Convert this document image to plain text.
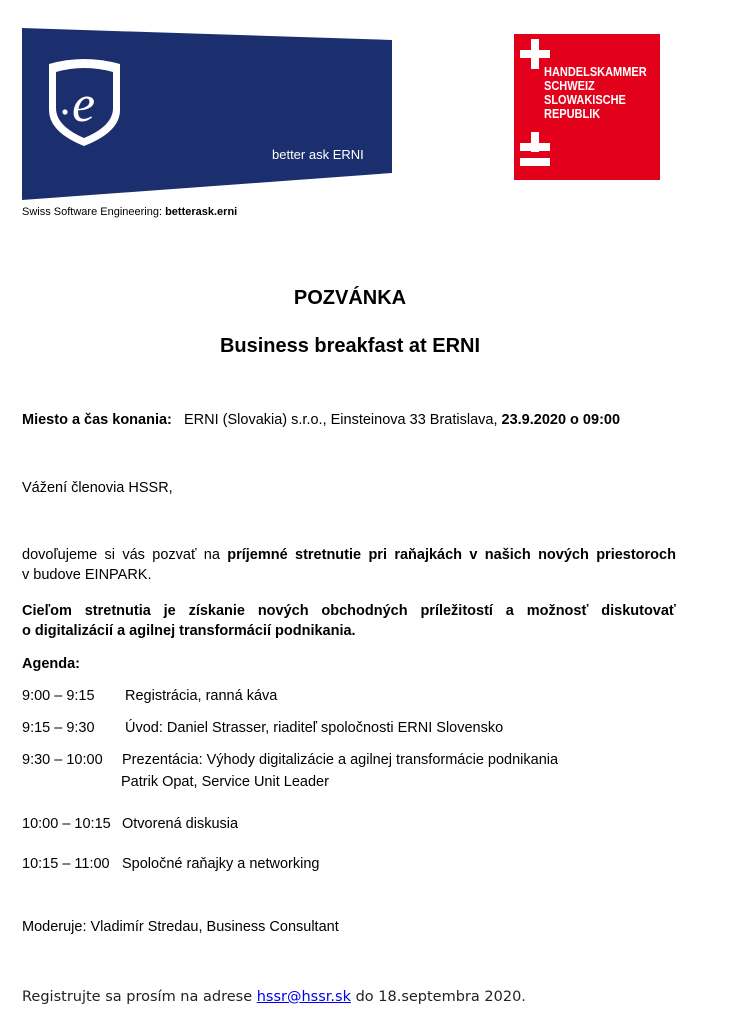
e
better ask ERNI
Swiss Software Engineering: betterask.erni
HANDELSKAMMER
SCHWEIZ
SLOWAKISCHE
REPUBLIK
POZVÁNKA
Business breakfast at ERNI
Miesto a čas konania: ERNI (Slovakia) s.r.o., Einsteinova 33 Bratislava, 23.9.2020 o 09:00
Vážení členovia HSSR,
dovoľujeme si vás pozvať na príjemné stretnutie pri raňajkách v našich nových priestoroch
v budove EINPARK.
Cieľom stretnutia je získanie nových obchodných príležitostí a možnosť diskutovať
o digitalizácií a agilnej transformácií podnikania.
Agenda:
9:00 – 9:15 Registrácia, ranná káva
9:15 – 9:30 Úvod: Daniel Strasser, riaditeľ spoločnosti ERNI Slovensko
9:30 – 10:00 Prezentácia: Výhody digitalizácie a agilnej transformácie podnikania
Patrik Opat, Service Unit Leader
10:00 – 10:15 Otvorená diskusia
10:15 – 11:00 Spoločné raňajky a networking
Moderuje: Vladimír Stredau, Business Consultant
Registrujte sa prosím na adrese hssr@hssr.sk do 18.septembra 2020.
